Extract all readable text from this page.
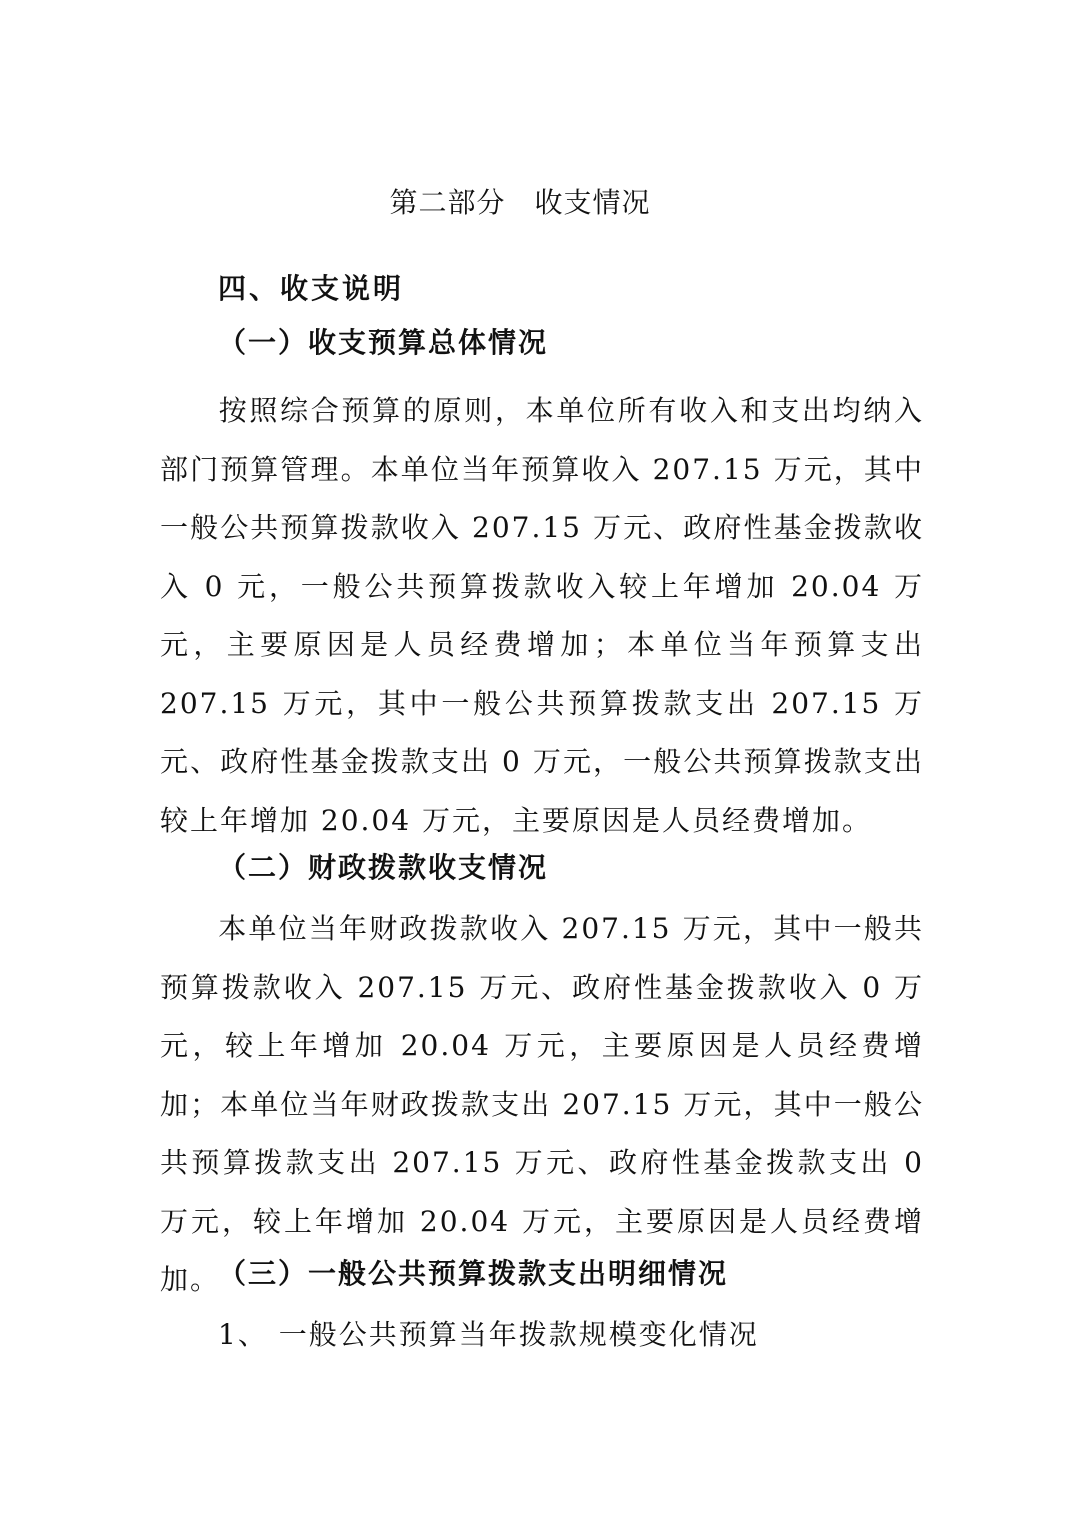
第二部分　收支情况
四、收支说明
（一）收支预算总体情况

按照综合预算的原则，本单位所有收入和支出均纳入部门预算管理。本单位当年预算收入 207.15 万元，其中一般公共预算拨款收入 207.15 万元、政府性基金拨款收入 0 元，一般公共预算拨款收入较上年增加 20.04 万元，主要原因是人员经费增加；本单位当年预算支出 207.15 万元，其中一般公共预算拨款支出 207.15 万元、政府性基金拨款支出 0 万元，一般公共预算拨款支出较上年增加 20.04 万元，主要原因是人员经费增加。

（二）财政拨款收支情况

本单位当年财政拨款收入 207.15 万元，其中一般共预算拨款收入 207.15 万元、政府性基金拨款收入 0 万元，较上年增加 20.04 万元，主要原因是人员经费增加；本单位当年财政拨款支出 207.15 万元，其中一般公共预算拨款支出 207.15 万元、政府性基金拨款支出 0 万元，较上年增加 20.04 万元，主要原因是人员经费增加。

（三）一般公共预算拨款支出明细情况
1、 一般公共预算当年拨款规模变化情况
